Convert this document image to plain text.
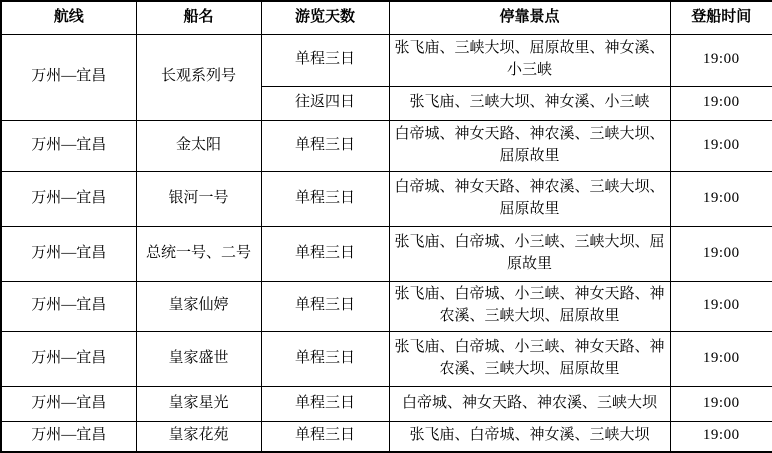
航线	船名	游览天数	停靠景点	登船时间
万州—宜昌	长观系列号	单程三日	张飞庙、三峡大坝、屈原故里、神女溪、小三峡	19:00
		往返四日	张飞庙、三峡大坝、神女溪、小三峡	19:00
万州—宜昌	金太阳	单程三日	白帝城、神女天路、神农溪、三峡大坝、屈原故里	19:00
万州—宜昌	银河一号	单程三日	白帝城、神女天路、神农溪、三峡大坝、屈原故里	19:00
万州—宜昌	总统一号、二号	单程三日	张飞庙、白帝城、小三峡、三峡大坝、屈原故里	19:00
万州—宜昌	皇家仙婷	单程三日	张飞庙、白帝城、小三峡、神女天路、神农溪、三峡大坝、屈原故里	19:00
万州—宜昌	皇家盛世	单程三日	张飞庙、白帝城、小三峡、神女天路、神农溪、三峡大坝、屈原故里	19:00
万州—宜昌	皇家星光	单程三日	白帝城、神女天路、神农溪、三峡大坝	19:00
万州—宜昌	皇家花苑	单程三日	张飞庙、白帝城、神女溪、三峡大坝	19:00
